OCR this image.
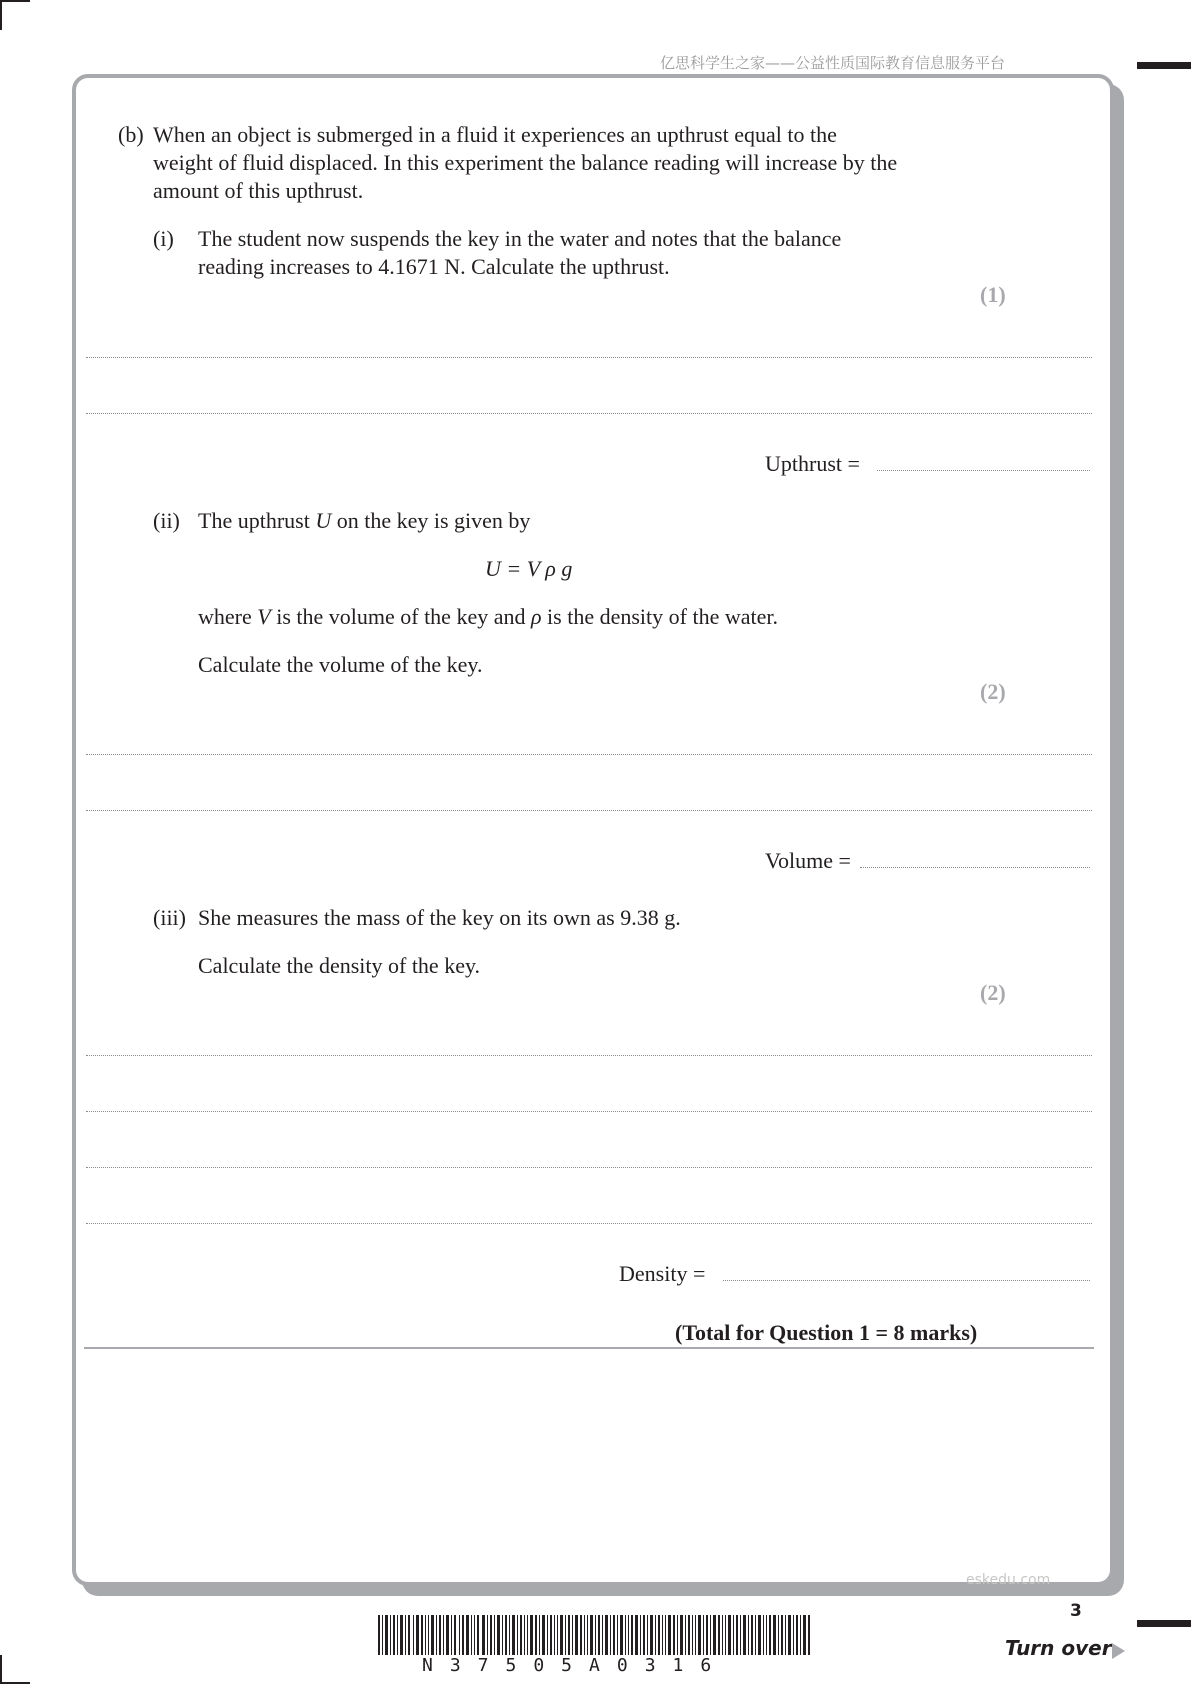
亿思科学生之家——公益性质国际教育信息服务平台
(b) When an object is submerged in a fluid it experiences an upthrust equal to the
weight of fluid displaced. In this experiment the balance reading will increase by the
amount of this upthrust.
(i) The student now suspends the key in the water and notes that the balance
reading increases to 4.1671 N. Calculate the upthrust.
(1)
Upthrust =
(ii) The upthrust U on the key is given by
U = V ρ g
where V is the volume of the key and ρ is the density of the water.
Calculate the volume of the key.
(2)
Volume =
(iii) She measures the mass of the key on its own as 9.38 g.
Calculate the density of the key.
(2)
Density =
(Total for Question 1 = 8 marks)
eskedu.com
3
Turn over
N37505A0316
